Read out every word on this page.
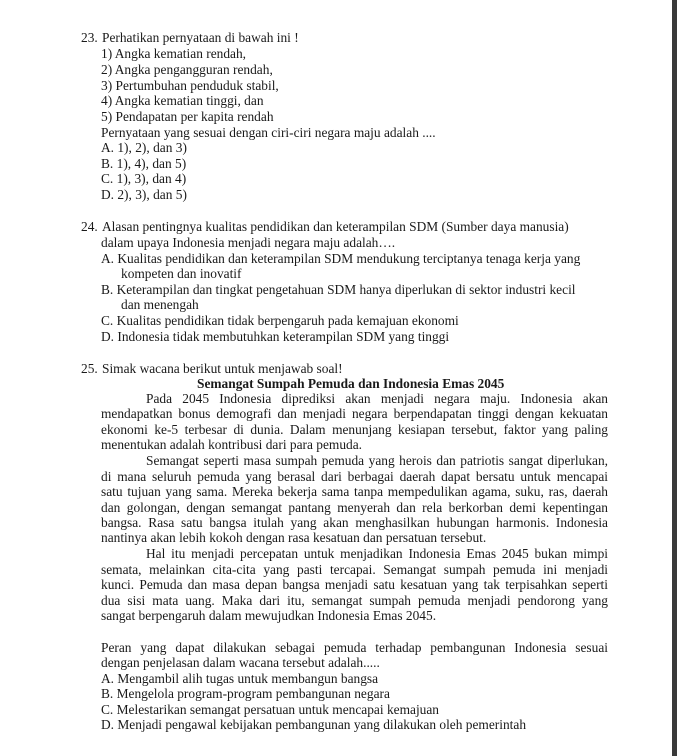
23. Perhatikan pernyataan di bawah ini !
1) Angka kematian rendah,
2) Angka pengangguran rendah,
3) Pertumbuhan penduduk stabil,
4) Angka kematian tinggi, dan
5) Pendapatan per kapita rendah
Pernyataan yang sesuai dengan ciri-ciri negara maju adalah ....
A. 1), 2), dan 3)
B. 1), 4), dan 5)
C. 1), 3), dan 4)
D. 2), 3), dan 5)
24. Alasan pentingnya kualitas pendidikan dan keterampilan SDM (Sumber daya manusia)
dalam upaya Indonesia menjadi negara maju adalah….
A. Kualitas pendidikan dan keterampilan SDM mendukung terciptanya tenaga kerja yang
kompeten dan inovatif
B. Keterampilan dan tingkat pengetahuan SDM hanya diperlukan di sektor industri kecil
dan menengah
C. Kualitas pendidikan tidak berpengaruh pada kemajuan ekonomi
D. Indonesia tidak membutuhkan keterampilan SDM yang tinggi
25. Simak wacana berikut untuk menjawab soal!
Semangat Sumpah Pemuda dan Indonesia Emas 2045
Pada 2045 Indonesia diprediksi akan menjadi negara maju. Indonesia akan
mendapatkan bonus demografi dan menjadi negara berpendapatan tinggi dengan kekuatan
ekonomi ke-5 terbesar di dunia. Dalam menunjang kesiapan tersebut, faktor yang paling
menentukan adalah kontribusi dari para pemuda.
Semangat seperti masa sumpah pemuda yang herois dan patriotis sangat diperlukan,
di mana seluruh pemuda yang berasal dari berbagai daerah dapat bersatu untuk mencapai
satu tujuan yang sama. Mereka bekerja sama tanpa mempedulikan agama, suku, ras, daerah
dan golongan, dengan semangat pantang menyerah dan rela berkorban demi kepentingan
bangsa. Rasa satu bangsa itulah yang akan menghasilkan hubungan harmonis. Indonesia
nantinya akan lebih kokoh dengan rasa kesatuan dan persatuan tersebut.
Hal itu menjadi percepatan untuk menjadikan Indonesia Emas 2045 bukan mimpi
semata, melainkan cita-cita yang pasti tercapai. Semangat sumpah pemuda ini menjadi
kunci. Pemuda dan masa depan bangsa menjadi satu kesatuan yang tak terpisahkan seperti
dua sisi mata uang. Maka dari itu, semangat sumpah pemuda menjadi pendorong yang
sangat berpengaruh dalam mewujudkan Indonesia Emas 2045.
Peran yang dapat dilakukan sebagai pemuda terhadap pembangunan Indonesia sesuai
dengan penjelasan dalam wacana tersebut adalah.....
A. Mengambil alih tugas untuk membangun bangsa
B. Mengelola program-program pembangunan negara
C. Melestarikan semangat persatuan untuk mencapai kemajuan
D. Menjadi pengawal kebijakan pembangunan yang dilakukan oleh pemerintah
